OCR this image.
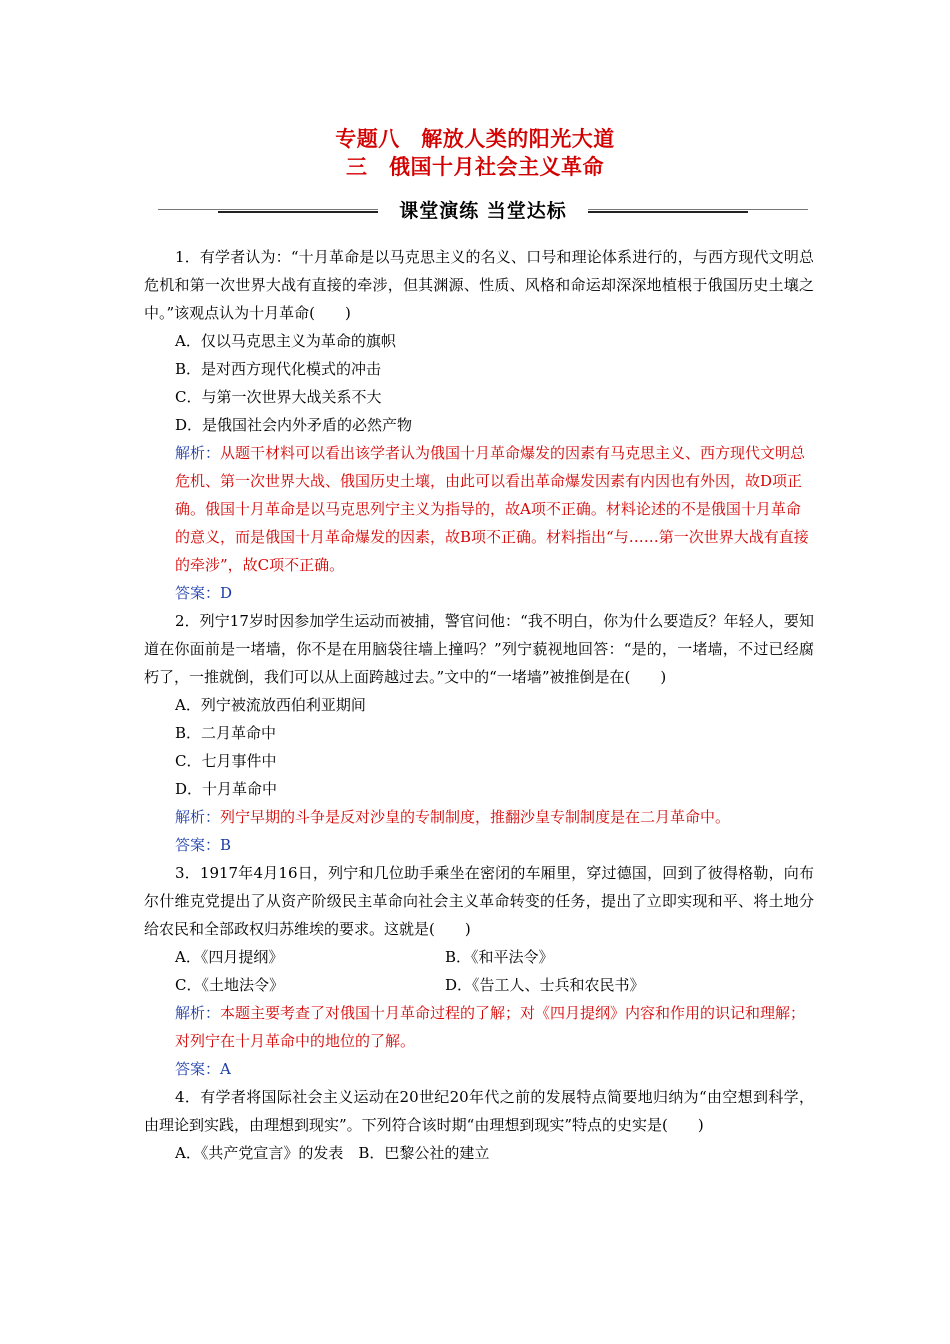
专题八　解放人类的阳光大道
三　俄国十月社会主义革命
课堂演练 当堂达标

1．有学者认为：“十月革命是以马克思主义的名义、口号和理论体系进行的，与西方现代文明总危机和第一次世界大战有直接的牵涉，但其渊源、性质、风格和命运却深深地植根于俄国历史土壤之中。”该观点认为十月革命(　　)

A．仅以马克思主义为革命的旗帜

B．是对西方现代化模式的冲击

C．与第一次世界大战关系不大

D．是俄国社会内外矛盾的必然产物

解析：从题干材料可以看出该学者认为俄国十月革命爆发的因素有马克思主义、西方现代文明总危机、第一次世界大战、俄国历史土壤，由此可以看出革命爆发因素有内因也有外因，故D项正确。俄国十月革命是以马克思列宁主义为指导的，故A项不正确。材料论述的不是俄国十月革命的意义，而是俄国十月革命爆发的因素，故B项不正确。材料指出“与……第一次世界大战有直接的牵涉”，故C项不正确。

答案：D

2．列宁17岁时因参加学生运动而被捕，警官问他：“我不明白，你为什么要造反？年轻人，要知道在你面前是一堵墙，你不是在用脑袋往墙上撞吗？”列宁藐视地回答：“是的，一堵墙，不过已经腐朽了，一推就倒，我们可以从上面跨越过去。”文中的“一堵墙”被推倒是在(　　)

A．列宁被流放西伯利亚期间

B．二月革命中

C．七月事件中

D．十月革命中

解析：列宁早期的斗争是反对沙皇的专制制度，推翻沙皇专制制度是在二月革命中。

答案：B

3．1917年4月16日，列宁和几位助手乘坐在密闭的车厢里，穿过德国，回到了彼得格勒，向布尔什维克党提出了从资产阶级民主革命向社会主义革命转变的任务，提出了立即实现和平、将土地分给农民和全部政权归苏维埃的要求。这就是(　　)

A．《四月提纲》	B．《和平法令》

C．《土地法令》	D．《告工人、士兵和农民书》

解析：本题主要考查了对俄国十月革命过程的了解；对《四月提纲》内容和作用的识记和理解；对列宁在十月革命中的地位的了解。

答案：A

4．有学者将国际社会主义运动在20世纪20年代之前的发展特点简要地归纳为“由空想到科学，由理论到实践，由理想到现实”。下列符合该时期“由理想到现实”特点的史实是(　　)

A．《共产党宣言》的发表　B．巴黎公社的建立
